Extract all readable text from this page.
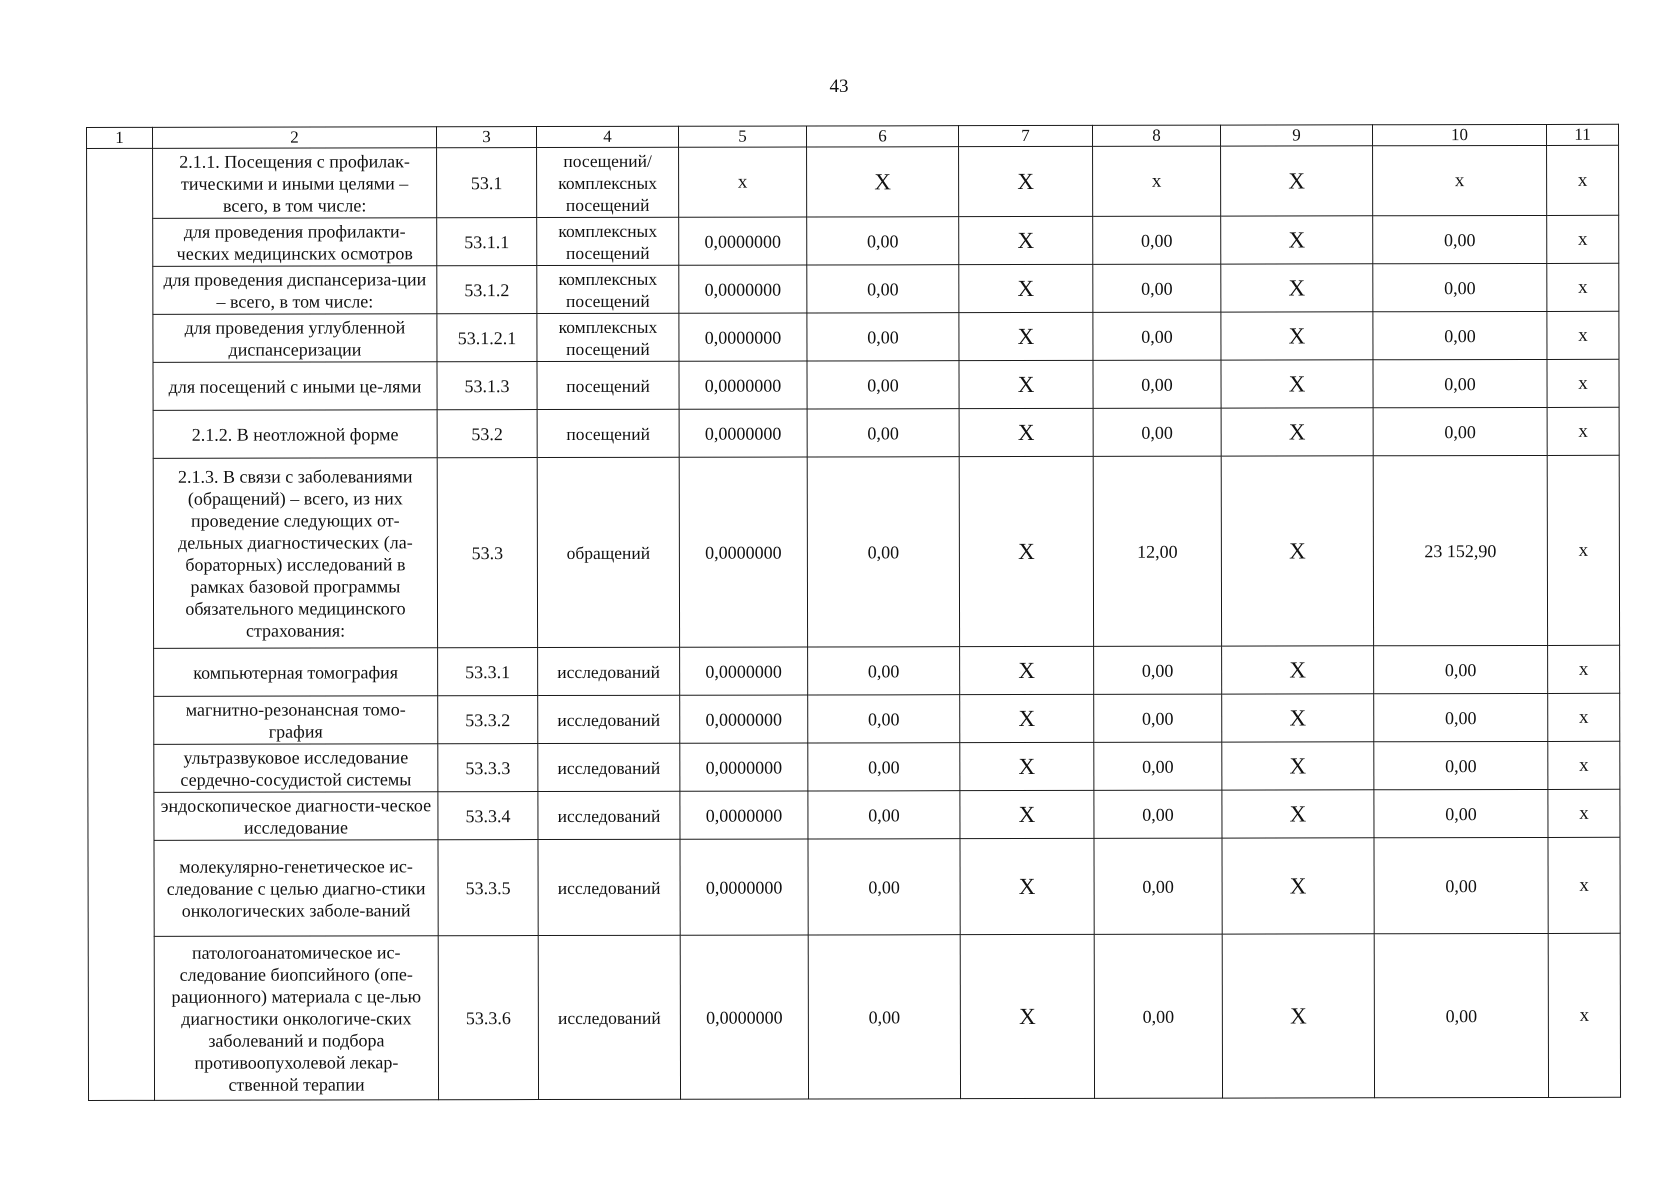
43
1	2	3	4	5	6	7	8	9	10	11
	2.1.1. Посещения с профилак-тическими и иными целями – всего, в том числе:	53.1	посещений/ комплексных посещений	x	X	X	x	X	x	x
	для проведения профилакти-ческих медицинских осмотров	53.1.1	комплексных посещений	0,0000000	0,00	X	0,00	X	0,00	x
	для проведения диспансериза-ции – всего, в том числе:	53.1.2	комплексных посещений	0,0000000	0,00	X	0,00	X	0,00	x
	для проведения углубленной диспансеризации	53.1.2.1	комплексных посещений	0,0000000	0,00	X	0,00	X	0,00	x
	для посещений с иными це-лями	53.1.3	посещений	0,0000000	0,00	X	0,00	X	0,00	x
	2.1.2. В неотложной форме	53.2	посещений	0,0000000	0,00	X	0,00	X	0,00	x
	2.1.3. В связи с заболеваниями (обращений) – всего, из них проведение следующих от-дельных диагностических (ла-бораторных) исследований в рамках базовой программы обязательного медицинского страхования:	53.3	обращений	0,0000000	0,00	X	12,00	X	23 152,90	x
	компьютерная томография	53.3.1	исследований	0,0000000	0,00	X	0,00	X	0,00	x
	магнитно-резонансная томо-графия	53.3.2	исследований	0,0000000	0,00	X	0,00	X	0,00	x
	ультразвуковое исследование сердечно-сосудистой системы	53.3.3	исследований	0,0000000	0,00	X	0,00	X	0,00	x
	эндоскопическое диагности-ческое исследование	53.3.4	исследований	0,0000000	0,00	X	0,00	X	0,00	x
	молекулярно-генетическое ис-следование с целью диагно-стики онкологических заболе-ваний	53.3.5	исследований	0,0000000	0,00	X	0,00	X	0,00	x
	патологоанатомическое ис-следование биопсийного (опе-рационного) материала с це-лью диагностики онкологиче-ских заболеваний и подбора противоопухолевой лекар-ственной терапии	53.3.6	исследований	0,0000000	0,00	X	0,00	X	0,00	x
